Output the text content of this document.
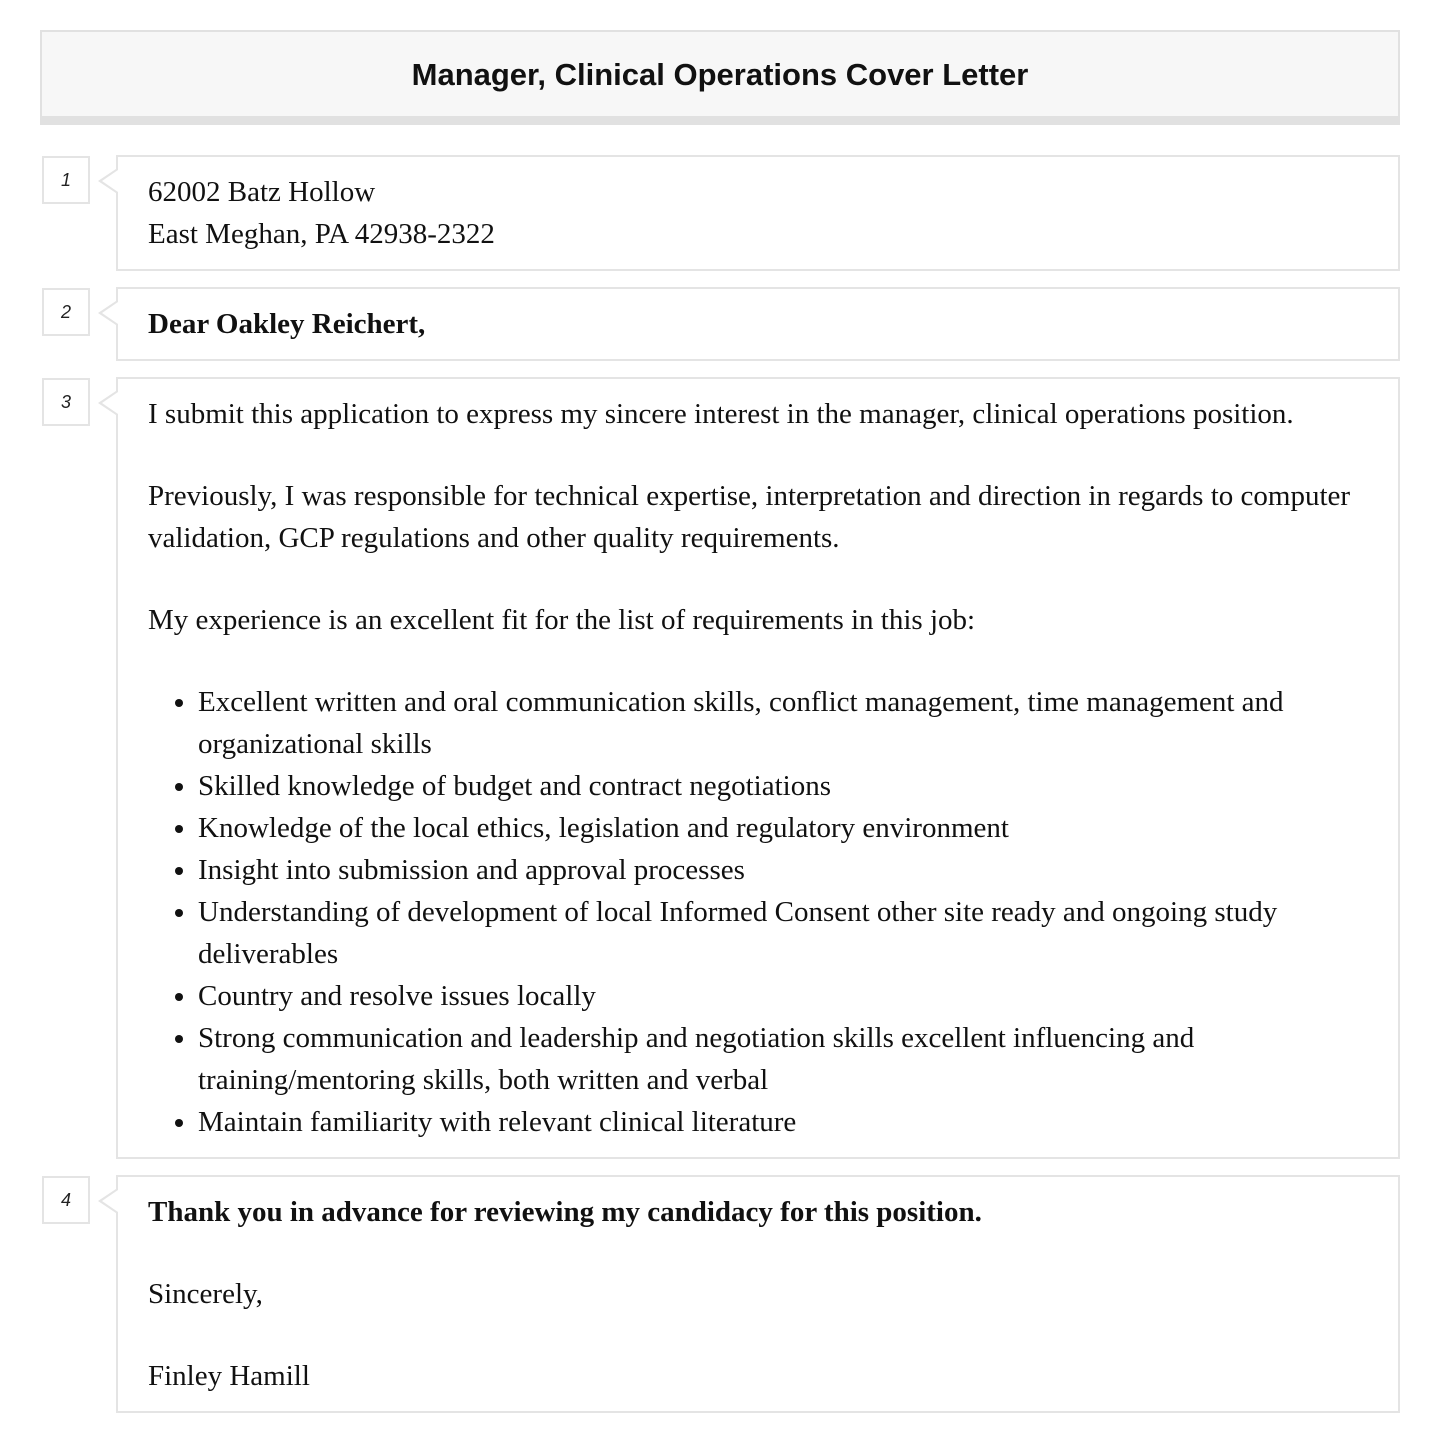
Manager, Clinical Operations Cover Letter
1	62002 Batz Hollow
East Meghan, PA 42938-2322
2	Dear Oakley Reichert,
3	I submit this application to express my sincere interest in the manager, clinical operations position.

Previously, I was responsible for technical expertise, interpretation and direction in regards to computer validation, GCP regulations and other quality requirements.

My experience is an excellent fit for the list of requirements in this job:

• Excellent written and oral communication skills, conflict management, time management and organizational skills
• Skilled knowledge of budget and contract negotiations
• Knowledge of the local ethics, legislation and regulatory environment
• Insight into submission and approval processes
• Understanding of development of local Informed Consent other site ready and ongoing study deliverables
• Country and resolve issues locally
• Strong communication and leadership and negotiation skills excellent influencing and training/mentoring skills, both written and verbal
• Maintain familiarity with relevant clinical literature
4	Thank you in advance for reviewing my candidacy for this position.

Sincerely,

Finley Hamill
